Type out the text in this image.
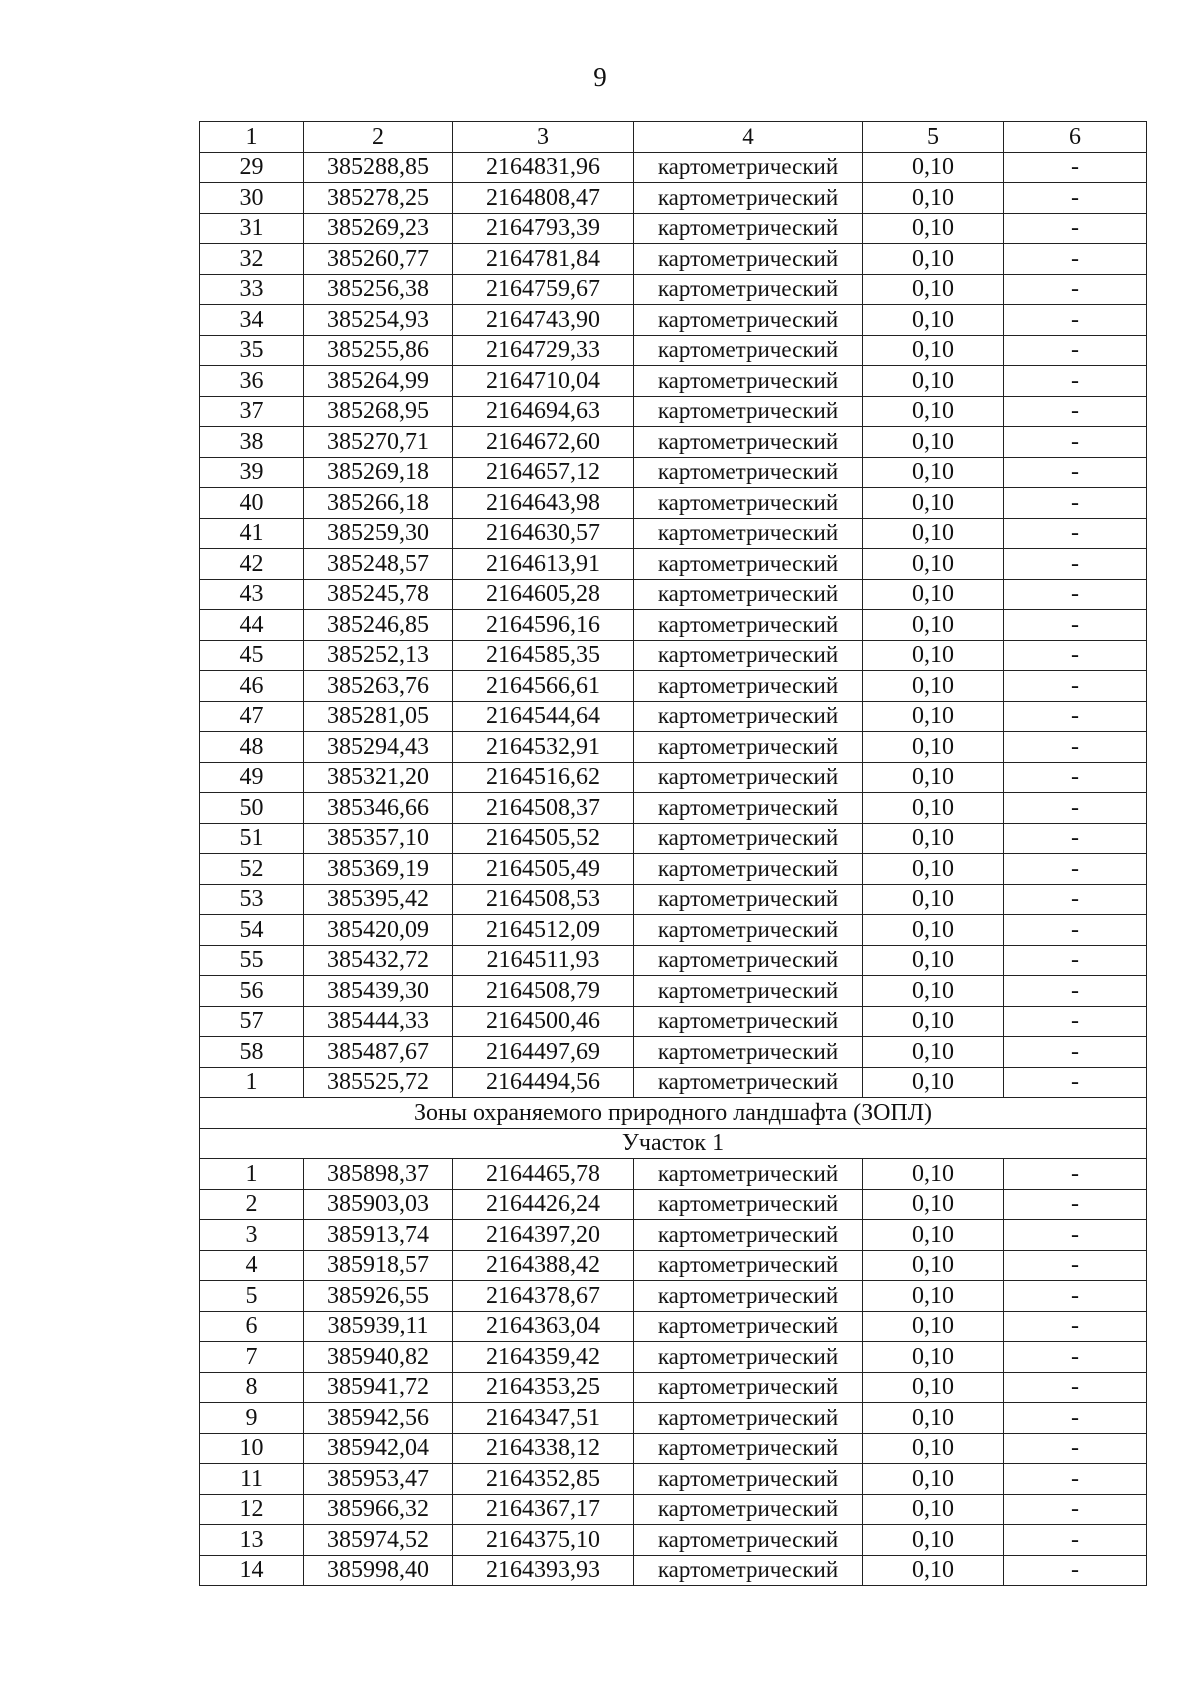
9
1	2	3	4	5	6
29	385288,85	2164831,96	картометрический	0,10	-
30	385278,25	2164808,47	картометрический	0,10	-
31	385269,23	2164793,39	картометрический	0,10	-
32	385260,77	2164781,84	картометрический	0,10	-
33	385256,38	2164759,67	картометрический	0,10	-
34	385254,93	2164743,90	картометрический	0,10	-
35	385255,86	2164729,33	картометрический	0,10	-
36	385264,99	2164710,04	картометрический	0,10	-
37	385268,95	2164694,63	картометрический	0,10	-
38	385270,71	2164672,60	картометрический	0,10	-
39	385269,18	2164657,12	картометрический	0,10	-
40	385266,18	2164643,98	картометрический	0,10	-
41	385259,30	2164630,57	картометрический	0,10	-
42	385248,57	2164613,91	картометрический	0,10	-
43	385245,78	2164605,28	картометрический	0,10	-
44	385246,85	2164596,16	картометрический	0,10	-
45	385252,13	2164585,35	картометрический	0,10	-
46	385263,76	2164566,61	картометрический	0,10	-
47	385281,05	2164544,64	картометрический	0,10	-
48	385294,43	2164532,91	картометрический	0,10	-
49	385321,20	2164516,62	картометрический	0,10	-
50	385346,66	2164508,37	картометрический	0,10	-
51	385357,10	2164505,52	картометрический	0,10	-
52	385369,19	2164505,49	картометрический	0,10	-
53	385395,42	2164508,53	картометрический	0,10	-
54	385420,09	2164512,09	картометрический	0,10	-
55	385432,72	2164511,93	картометрический	0,10	-
56	385439,30	2164508,79	картометрический	0,10	-
57	385444,33	2164500,46	картометрический	0,10	-
58	385487,67	2164497,69	картометрический	0,10	-
1	385525,72	2164494,56	картометрический	0,10	-
Зоны охраняемого природного ландшафта (ЗОПЛ)					
Участок 1					
1	385898,37	2164465,78	картометрический	0,10	-
2	385903,03	2164426,24	картометрический	0,10	-
3	385913,74	2164397,20	картометрический	0,10	-
4	385918,57	2164388,42	картометрический	0,10	-
5	385926,55	2164378,67	картометрический	0,10	-
6	385939,11	2164363,04	картометрический	0,10	-
7	385940,82	2164359,42	картометрический	0,10	-
8	385941,72	2164353,25	картометрический	0,10	-
9	385942,56	2164347,51	картометрический	0,10	-
10	385942,04	2164338,12	картометрический	0,10	-
11	385953,47	2164352,85	картометрический	0,10	-
12	385966,32	2164367,17	картометрический	0,10	-
13	385974,52	2164375,10	картометрический	0,10	-
14	385998,40	2164393,93	картометрический	0,10	-
